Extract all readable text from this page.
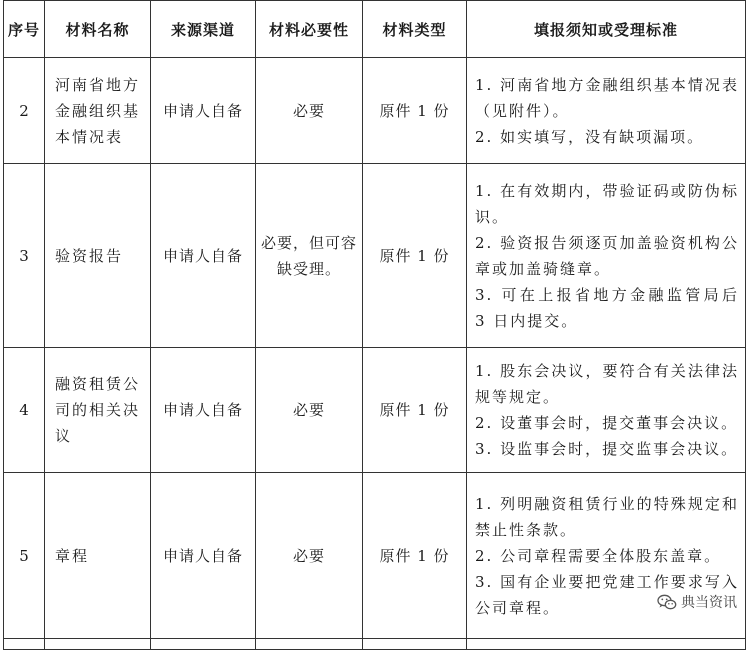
序号	材料名称	来源渠道	材料必要性	材料类型	填报须知或受理标准
2	河南省地方金融组织基本情况表	申请人自备	必要	原件 1 份	1. 河南省地方金融组织基本情况表（见附件）。
2. 如实填写，没有缺项漏项。

3	验资报告	申请人自备	必要，但可容缺受理。	原件 1 份	1. 在有效期内，带验证码或防伪标识。
2. 验资报告须逐页加盖验资机构公章或加盖骑缝章。
3. 可在上报省地方金融监管局后 3 日内提交。

4	融资租赁公司的相关决议	申请人自备	必要	原件 1 份	1. 股东会决议，要符合有关法律法规等规定。
2. 设董事会时，提交董事会决议。
3. 设监事会时，提交监事会决议。

5	章程	申请人自备	必要	原件 1 份	1. 列明融资租赁行业的特殊规定和禁止性条款。
2. 公司章程需要全体股东盖章。
3. 国有企业要把党建工作要求写入公司章程。

						典当资讯
